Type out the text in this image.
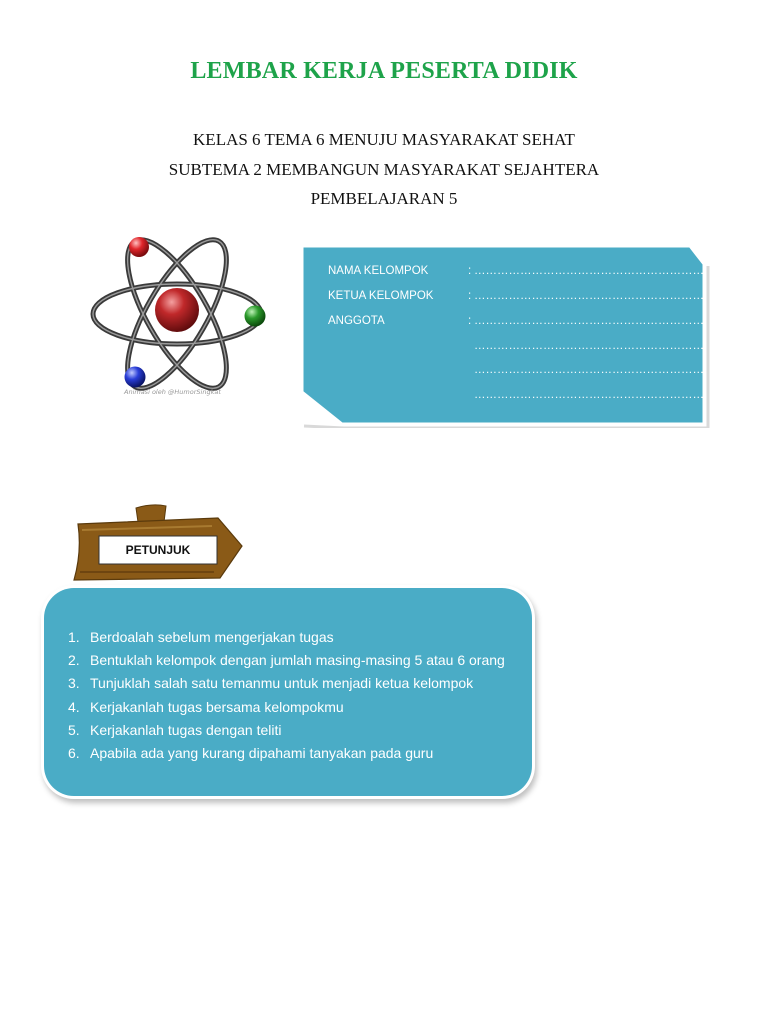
LEMBAR KERJA PESERTA DIDIK

KELAS 6 TEMA 6 MENUJU MASYARAKAT SEHAT

SUBTEMA 2 MEMBANGUN MASYARAKAT SEJAHTERA

PEMBELAJARAN 5

Animasi oleh @HumorSingkat
NAMA KELOMPOK	: ……………………………………………………
KETUA KELOMPOK	: ……………………………………………………
ANGGOTA	: ……………………………………………………
……………………………………………………
……………………………………………………
……………………………………………………
PETUNJUK
1. Berdoalah sebelum mengerjakan tugas
2. Bentuklah kelompok dengan jumlah masing-masing 5 atau 6 orang
3. Tunjuklah salah satu temanmu untuk menjadi ketua kelompok
4. Kerjakanlah tugas bersama kelompokmu
5. Kerjakanlah tugas dengan teliti
6. Apabila ada yang kurang dipahami tanyakan pada guru
